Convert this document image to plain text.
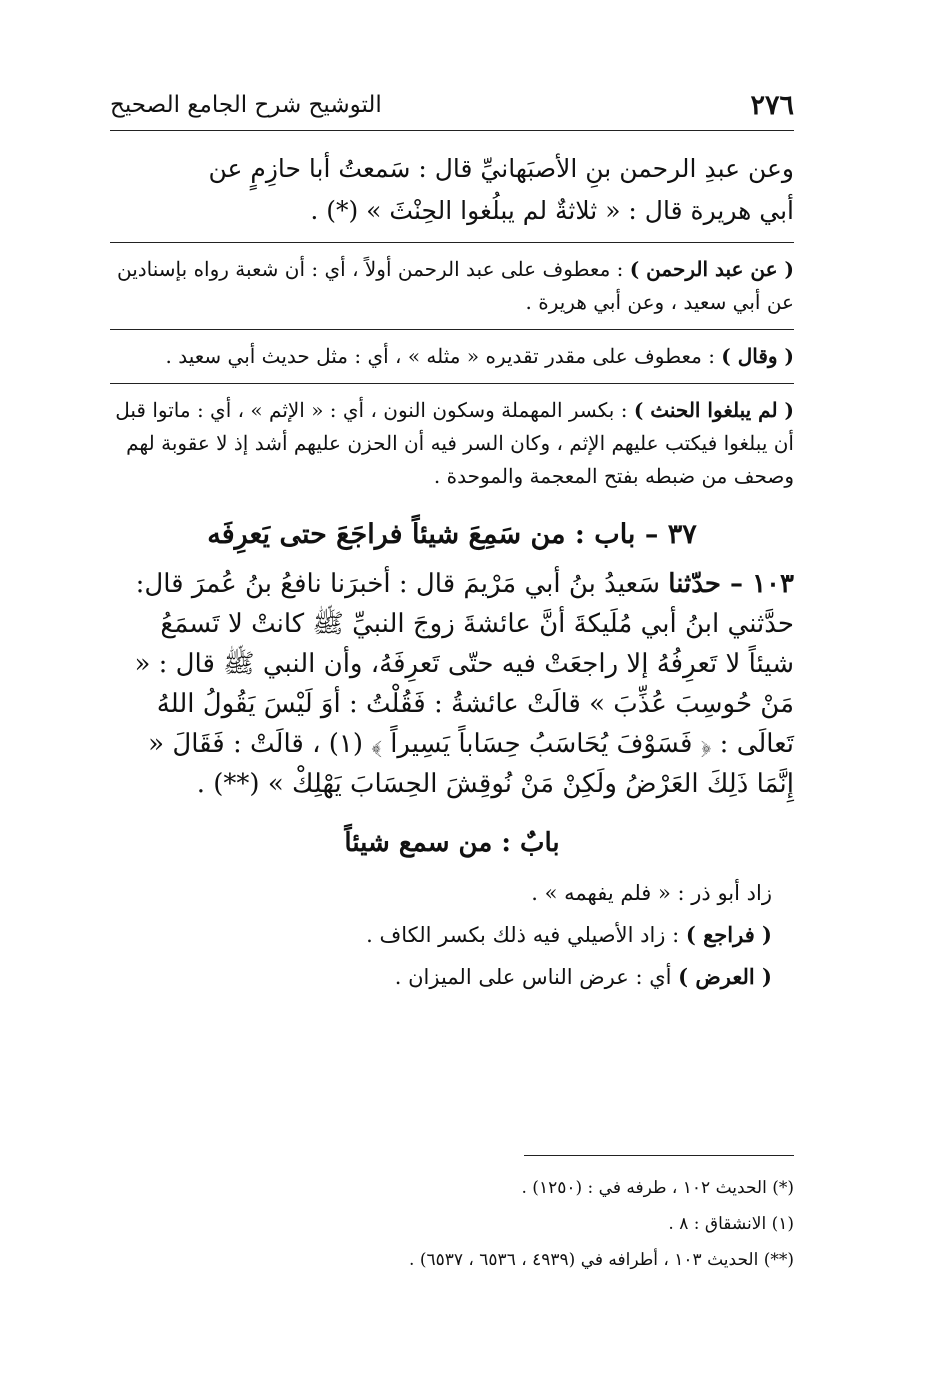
٢٧٦
التوشيح شرح الجامع الصحيح

وعن عبدِ الرحمن بنِ الأصبَهانيِّ قال : سَمعتُ أبا حازِمٍ عن

أبي هريرة قال : « ثلاثةٌ لم يبلُغوا الحِنْثَ » (*) .

( عن عبد الرحمن ) : معطوف على عبد الرحمن أولاً ، أي : أن شعبة رواه بإسنادين عن أبي سعيد ، وعن أبي هريرة .

( وقال ) : معطوف على مقدر تقديره « مثله » ، أي : مثل حديث أبي سعيد .

( لم يبلغوا الحنث ) : بكسر المهملة وسكون النون ، أي : « الإثم » ، أي : ماتوا قبل أن يبلغوا فيكتب عليهم الإثم ، وكان السر فيه أن الحزن عليهم أشد إذ لا عقوبة لهم وصحف من ضبطه بفتح المعجمة والموحدة .

٣٧ – باب : من سَمِعَ شيئاً فراجَعَ حتى يَعرِفَه

١٠٣ – حدّثنا سَعيدُ بنُ أبي مَرْيمَ قال : أخبرَنا نافعُ بنُ عُمرَ قال: حدَّثني ابنُ أبي مُلَيكةَ أنَّ عائشةَ زوجَ النبيِّ ﷺ كانتْ لا تَسمَعُ شيئاً لا تَعرِفُهُ إلا راجعَتْ فيه حتّى تَعرِفَهُ، وأن النبي ﷺ قال : « مَنْ حُوسِبَ عُذِّبَ » قالَتْ عائشةُ : فَقُلْتُ : أوَ لَيْسَ يَقُولُ اللهُ تَعالَى : ﴿ فَسَوْفَ يُحَاسَبُ حِسَاباً يَسِيراً ﴾ (١) ، قالَتْ : فَقَالَ « إِنَّمَا ذَلِكَ العَرْضُ ولَكِنْ مَنْ نُوقِشَ الحِسَابَ يَهْلِكْ » (**) .

بابٌ : من سمع شيئاً

زاد أبو ذر : « فلم يفهمه » .

( فراجع ) : زاد الأصيلي فيه ذلك بكسر الكاف .

( العرض ) أي : عرض الناس على الميزان .

(*) الحديث ١٠٢ ، طرفه في : (١٢٥٠) .

(١) الانشقاق : ٨ .

(**) الحديث ١٠٣ ، أطرافه في (٤٩٣٩ ، ٦٥٣٦ ، ٦٥٣٧) .
